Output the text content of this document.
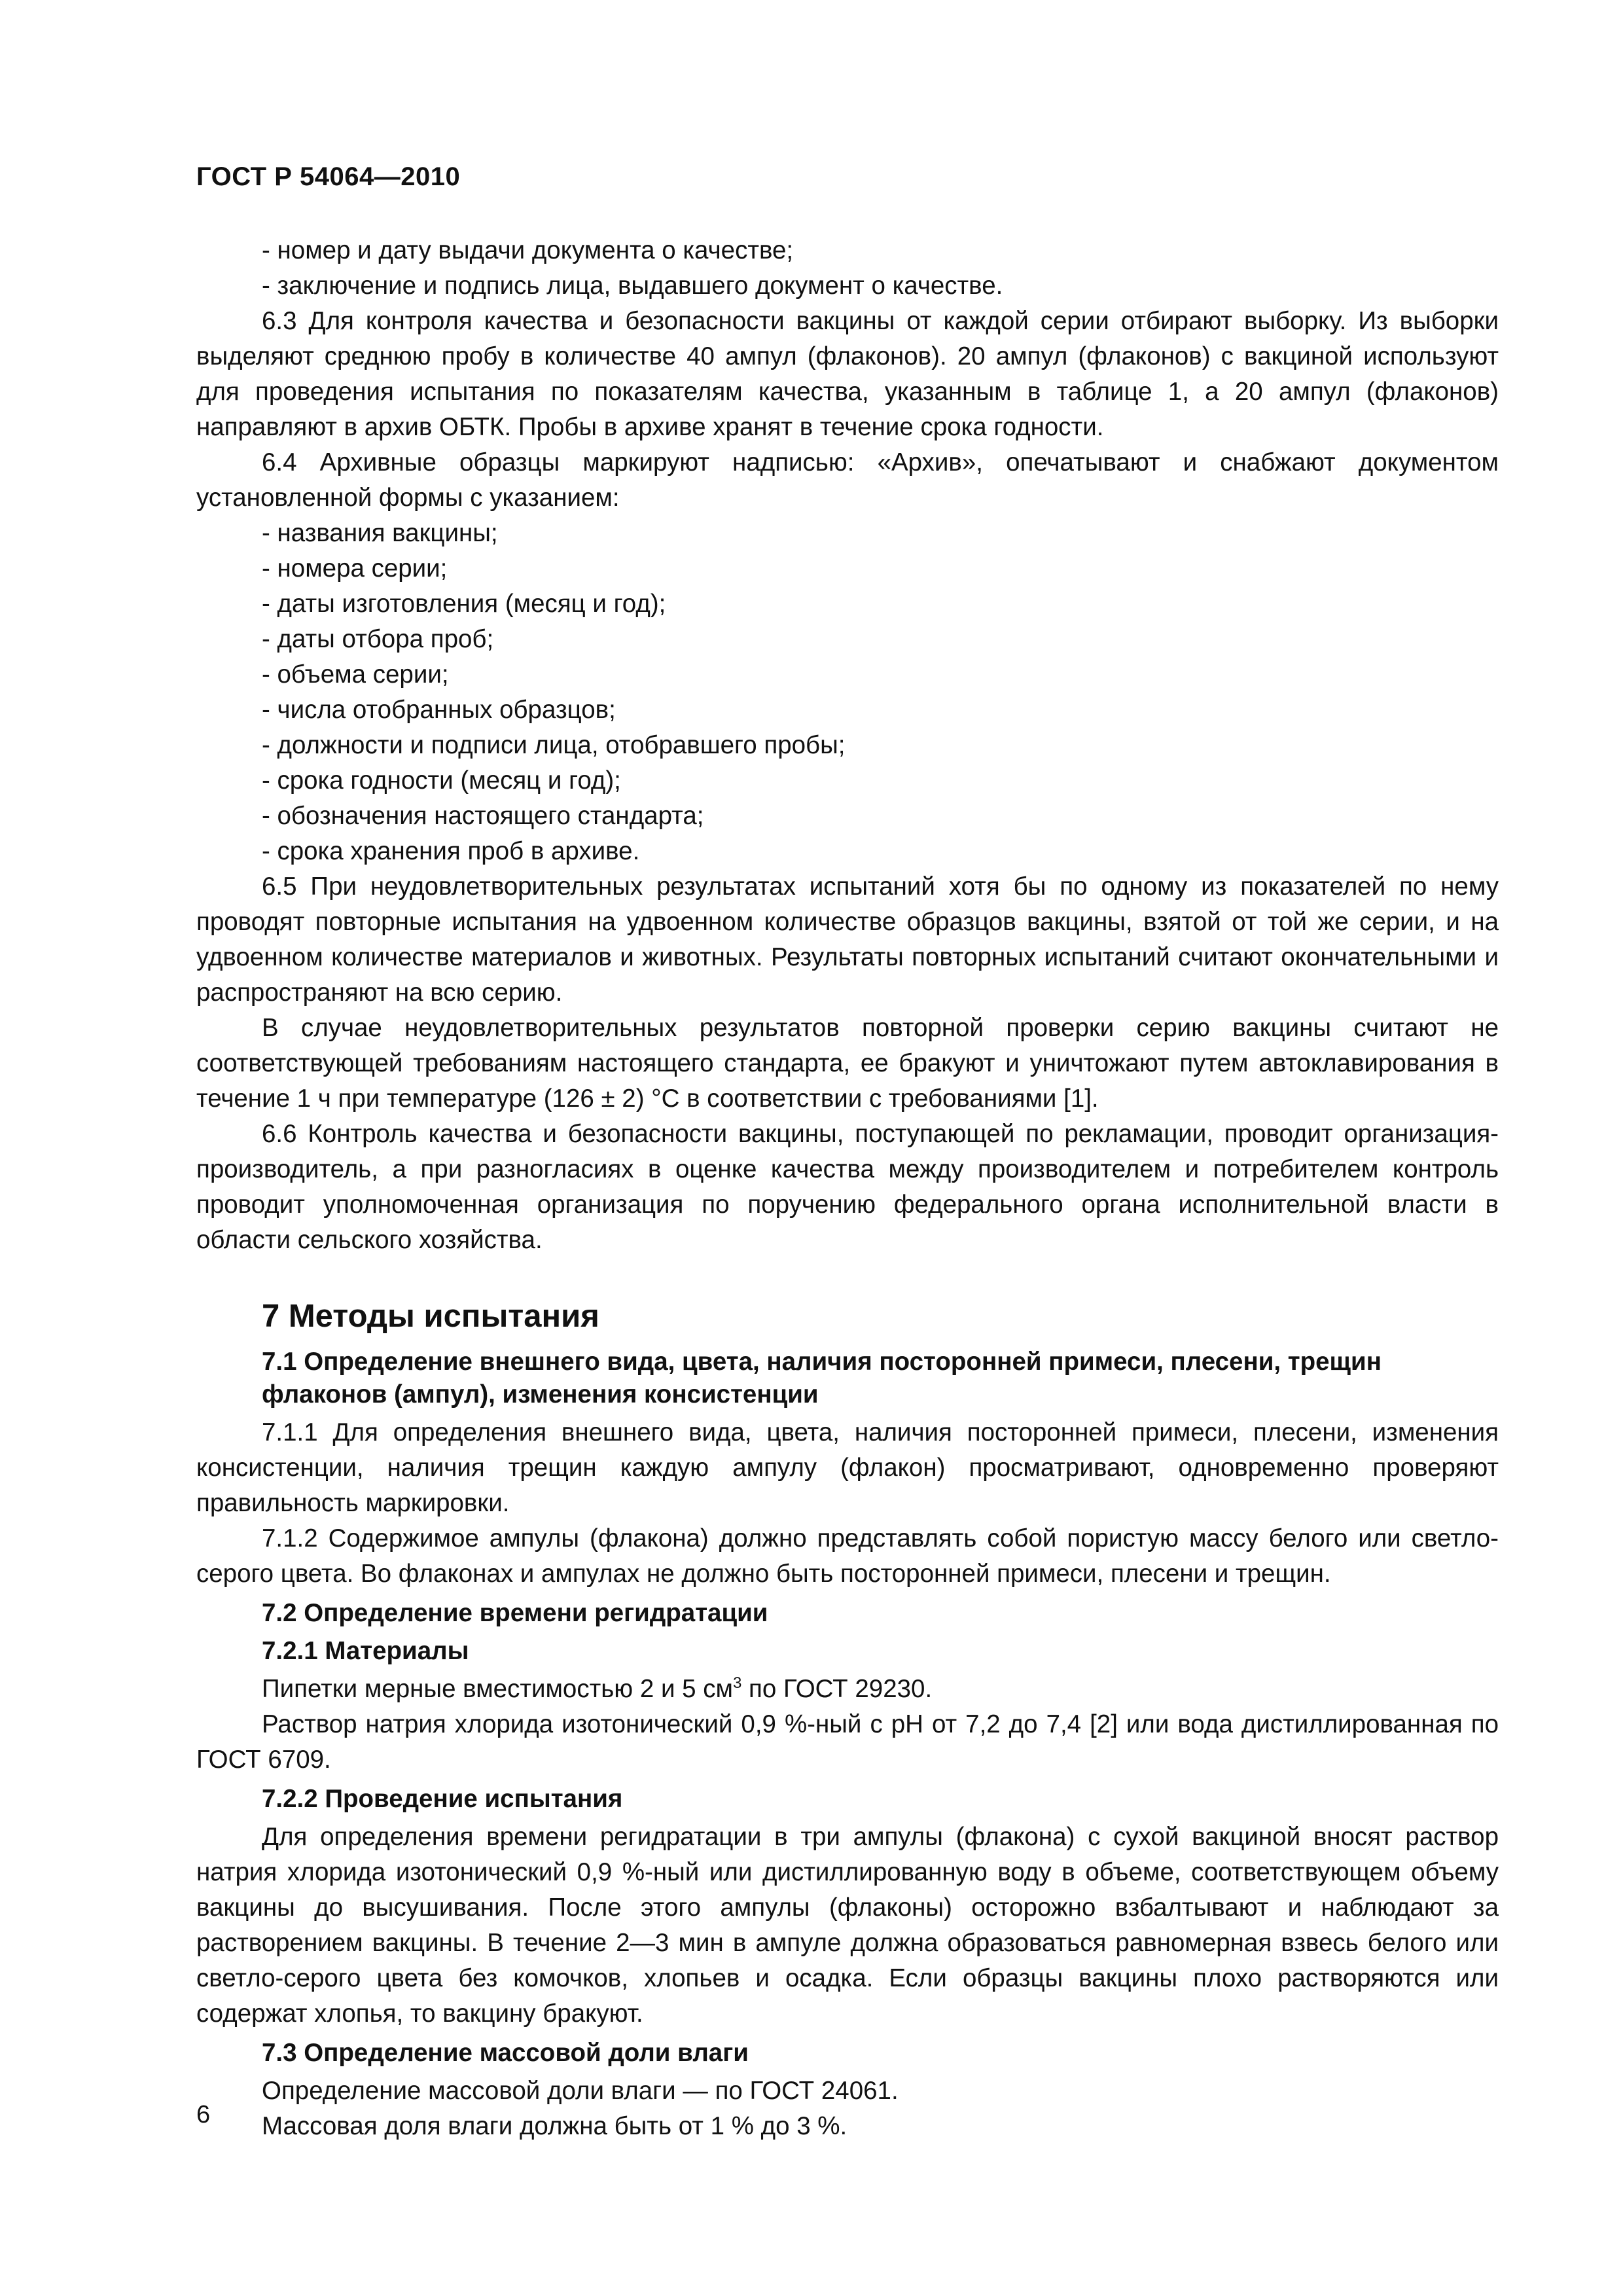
ГОСТ Р 54064—2010

- номер и дату выдачи документа о качестве;

- заключение и подпись лица, выдавшего документ о качестве.

6.3 Для контроля качества и безопасности вакцины от каждой серии отбирают выборку. Из выборки выделяют среднюю пробу в количестве 40 ампул (флаконов). 20 ампул (флаконов) с вакциной используют для проведения испытания по показателям качества, указанным в таблице 1, а 20 ампул (флаконов) направляют в архив ОБТК. Пробы в архиве хранят в течение срока годности.

6.4 Архивные образцы маркируют надписью: «Архив», опечатывают и снабжают документом установленной формы с указанием:

- названия вакцины;

- номера серии;

- даты изготовления (месяц и год);

- даты отбора проб;

- объема серии;

- числа отобранных образцов;

- должности и подписи лица, отобравшего пробы;

- срока годности (месяц и год);

- обозначения настоящего стандарта;

- срока хранения проб в архиве.

6.5 При неудовлетворительных результатах испытаний хотя бы по одному из показателей по нему проводят повторные испытания на удвоенном количестве образцов вакцины, взятой от той же серии, и на удвоенном количестве материалов и животных. Результаты повторных испытаний считают окончательными и распространяют на всю серию.

В случае неудовлетворительных результатов повторной проверки серию вакцины считают не соответствующей требованиям настоящего стандарта, ее бракуют и уничтожают путем автоклавирования в течение 1 ч при температуре (126 ± 2) °С в соответствии с требованиями [1].

6.6 Контроль качества и безопасности вакцины, поступающей по рекламации, проводит организация-производитель, а при разногласиях в оценке качества между производителем и потребителем контроль проводит уполномоченная организация по поручению федерального органа исполнительной власти в области сельского хозяйства.

7 Методы испытания
7.1 Определение внешнего вида, цвета, наличия посторонней примеси, плесени, трещин флаконов (ампул), изменения консистенции

7.1.1 Для определения внешнего вида, цвета, наличия посторонней примеси, плесени, изменения консистенции, наличия трещин каждую ампулу (флакон) просматривают, одновременно проверяют правильность маркировки.

7.1.2 Содержимое ампулы (флакона) должно представлять собой пористую массу белого или светло-серого цвета. Во флаконах и ампулах не должно быть посторонней примеси, плесени и трещин.

7.2 Определение времени регидратации
7.2.1 Материалы

Пипетки мерные вместимостью 2 и 5 $см^3$ по ГОСТ 29230.

Раствор натрия хлорида изотонический 0,9 %-ный с pH от 7,2 до 7,4 [2] или вода дистиллированная по ГОСТ 6709.

7.2.2 Проведение испытания

Для определения времени регидратации в три ампулы (флакона) с сухой вакциной вносят раствор натрия хлорида изотонический 0,9 %-ный или дистиллированную воду в объеме, соответствующем объему вакцины до высушивания. После этого ампулы (флаконы) осторожно взбалтывают и наблюдают за растворением вакцины. В течение 2—3 мин в ампуле должна образоваться равномерная взвесь белого или светло-серого цвета без комочков, хлопьев и осадка. Если образцы вакцины плохо растворяются или содержат хлопья, то вакцину бракуют.

7.3 Определение массовой доли влаги

Определение массовой доли влаги — по ГОСТ 24061.

Массовая доля влаги должна быть от 1 % до 3 %.

6
